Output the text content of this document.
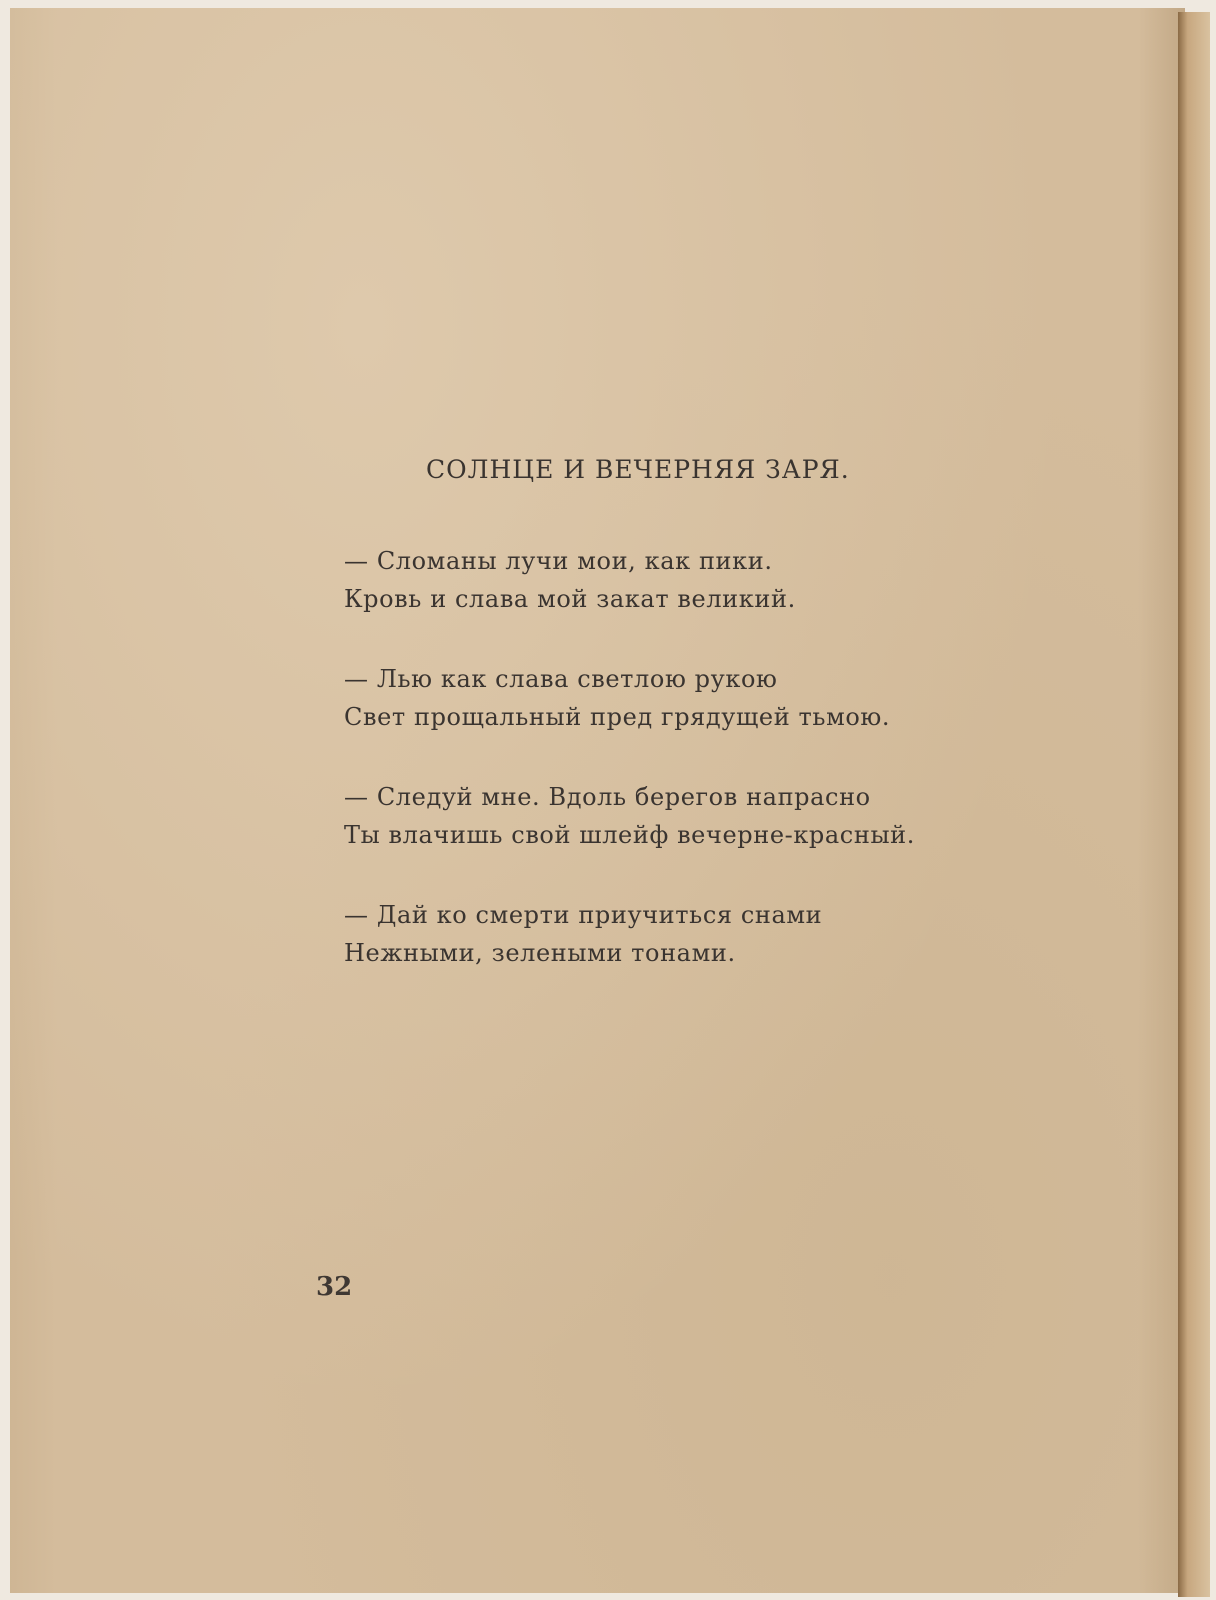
СОЛНЦЕ И ВЕЧЕРНЯЯ ЗАРЯ.
— Сломаны лучи мои, как пики.
Кровь и слава мой закат великий.
— Лью как слава светлою рукою
Свет прощальный пред грядущей тьмою.
— Следуй мне. Вдоль берегов напрасно
Ты влачишь свой шлейф вечерне-красный.
— Дай ко смерти приучиться снами
Нежными, зелеными тонами.
32
